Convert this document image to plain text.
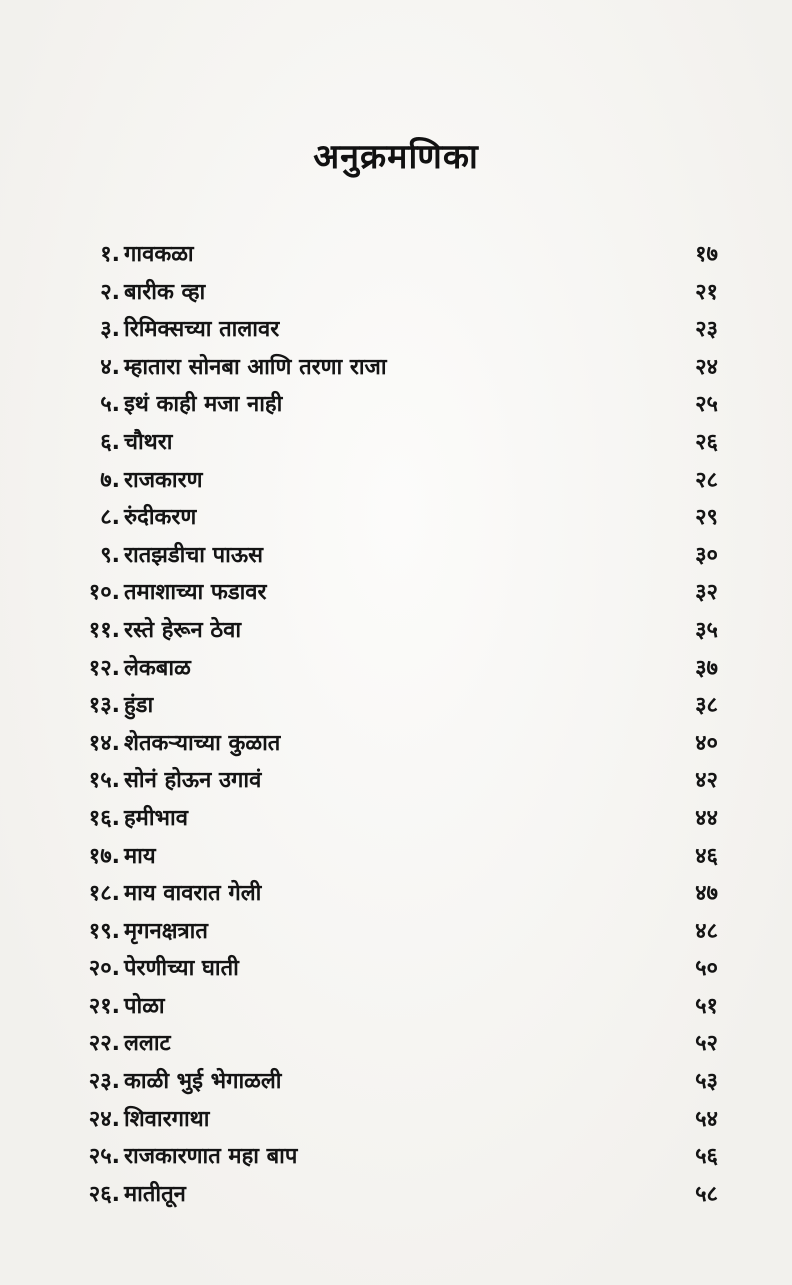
अनुक्रमणिका
१. गावकळा	१७
२. बारीक व्हा	२१
३. रिमिक्सच्या तालावर	२३
४. म्हातारा सोनबा आणि तरणा राजा	२४
५. इथं काही मजा नाही	२५
६. चौथरा	२६
७. राजकारण	२८
८. रुंदीकरण	२९
९. रातझडीचा पाऊस	३०
१०. तमाशाच्या फडावर	३२
११. रस्ते हेरून ठेवा	३५
१२. लेकबाळ	३७
१३. हुंडा	३८
१४. शेतकऱ्याच्या कुळात	४०
१५. सोनं होऊन उगावं	४२
१६. हमीभाव	४४
१७. माय	४६
१८. माय वावरात गेली	४७
१९. मृगनक्षत्रात	४८
२०. पेरणीच्या घाती	५०
२१. पोळा	५१
२२. ललाट	५२
२३. काळी भुई भेगाळली	५३
२४. शिवारगाथा	५४
२५. राजकारणात महा बाप	५६
२६. मातीतून	५८
